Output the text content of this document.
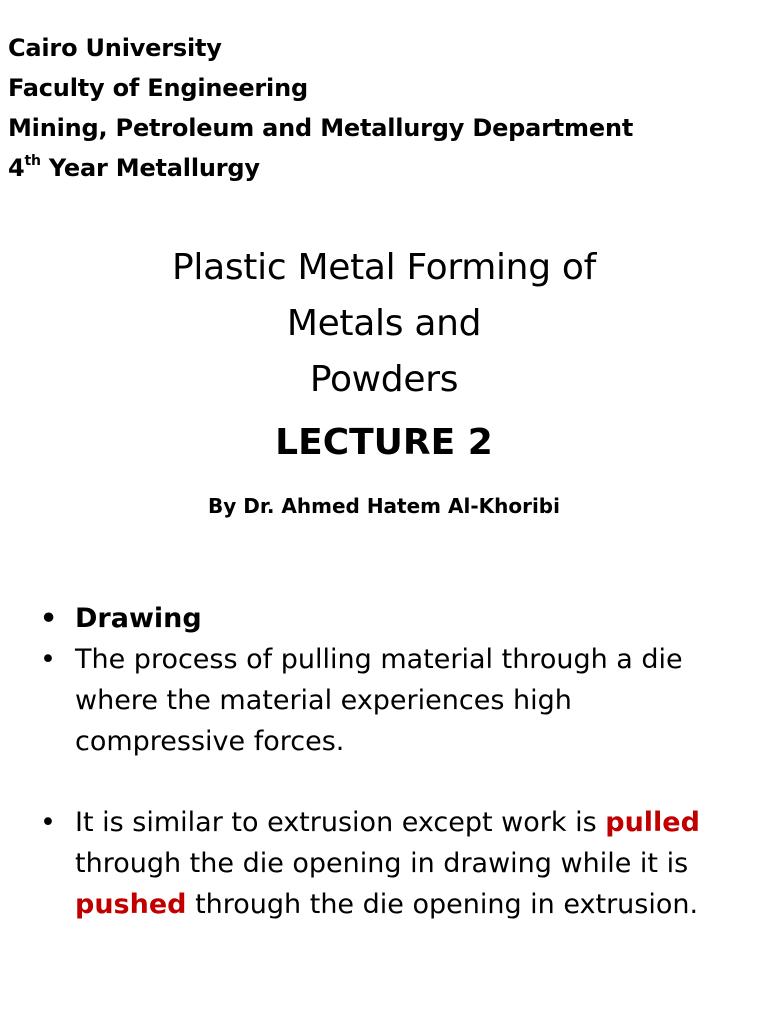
Cairo University
Faculty of Engineering
Mining, Petroleum and Metallurgy Department
4th Year Metallurgy
Plastic Metal Forming of
Metals and
Powders
LECTURE 2
By Dr. Ahmed Hatem Al-Khoribi
• Drawing
• The process of pulling material through a die where the material experiences high compressive forces.
• It is similar to extrusion except work is pulled through the die opening in drawing while it is pushed through the die opening in extrusion.
